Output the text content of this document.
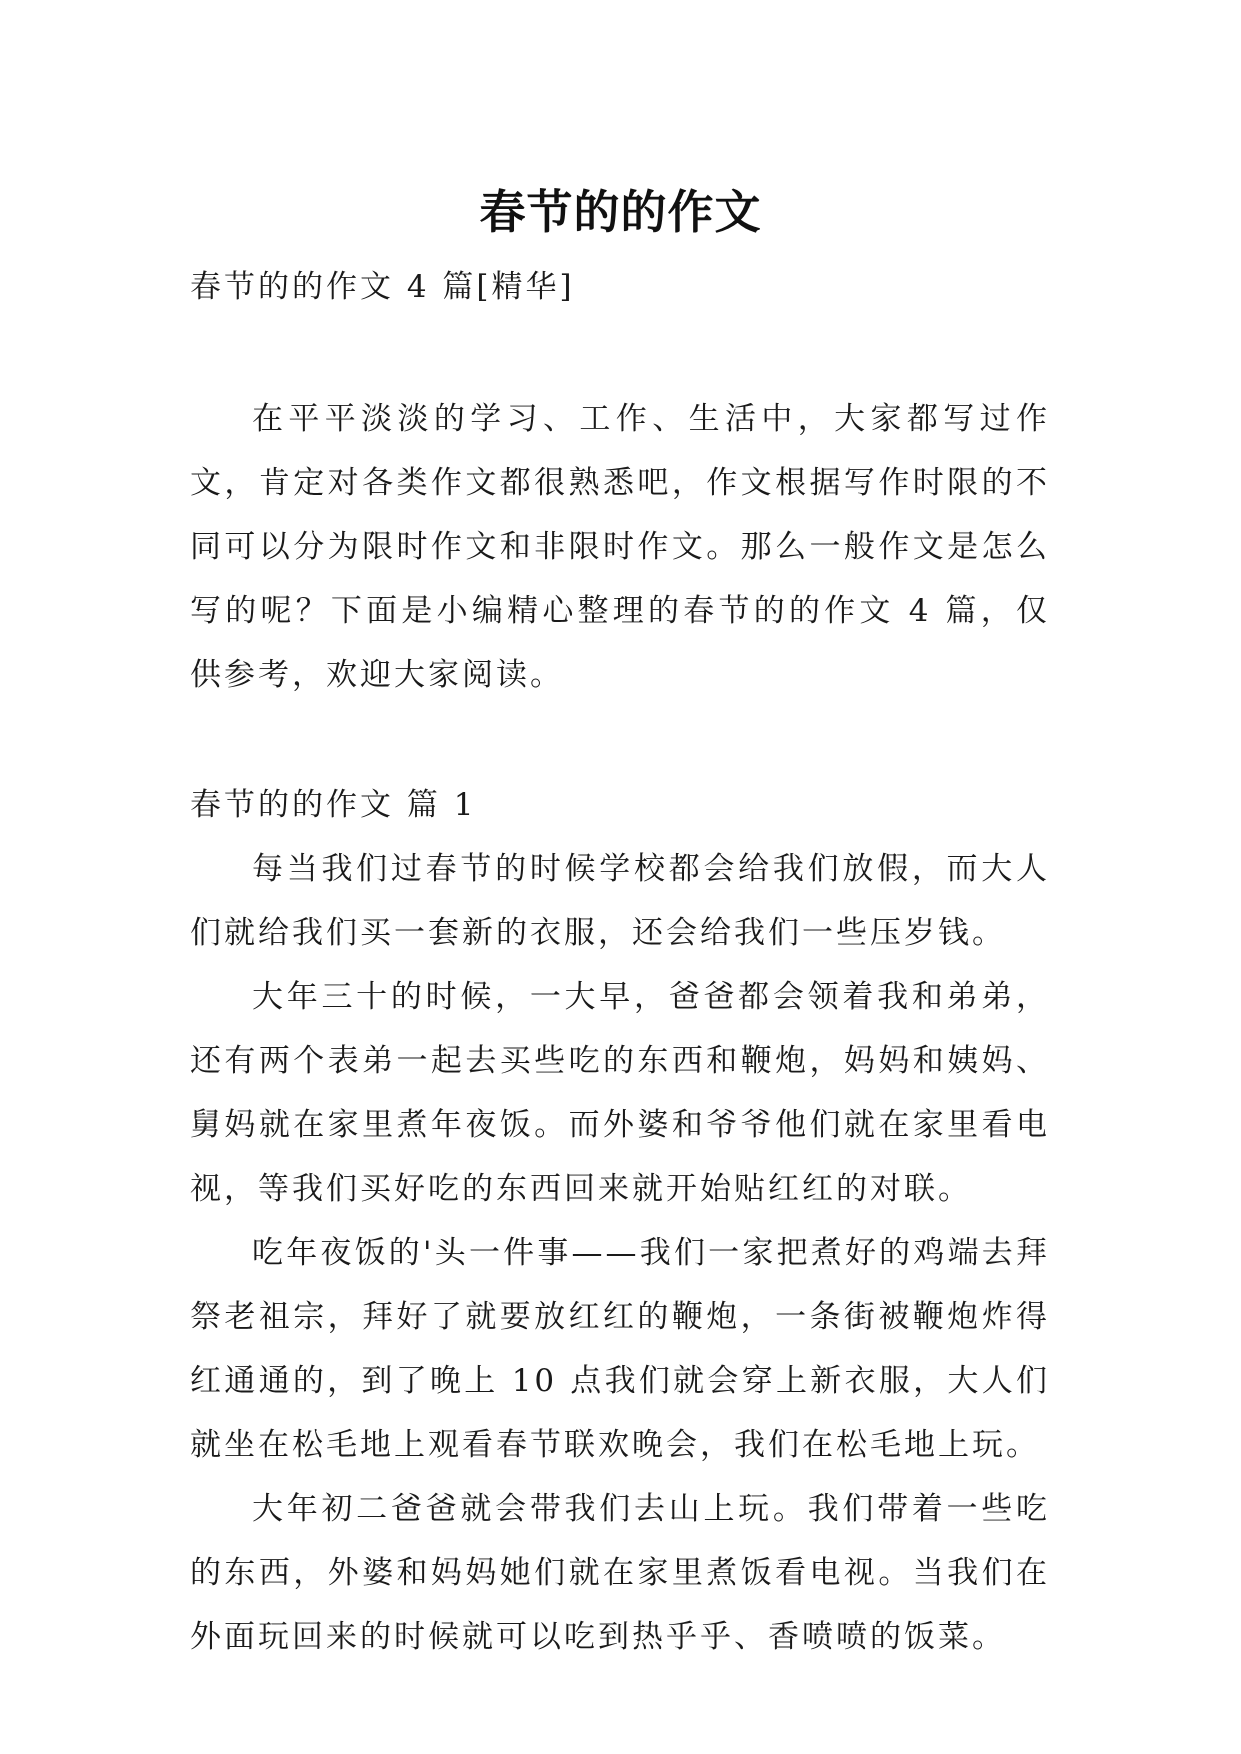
春节的的作文

春节的的作文 4 篇[精华]

在平平淡淡的学习、工作、生活中，大家都写过作文，肯定对各类作文都很熟悉吧，作文根据写作时限的不同可以分为限时作文和非限时作文。那么一般作文是怎么写的呢？下面是小编精心整理的春节的的作文 4 篇，仅供参考，欢迎大家阅读。

春节的的作文 篇 1

每当我们过春节的时候学校都会给我们放假，而大人们就给我们买一套新的衣服，还会给我们一些压岁钱。

大年三十的时候，一大早，爸爸都会领着我和弟弟，还有两个表弟一起去买些吃的东西和鞭炮，妈妈和姨妈、舅妈就在家里煮年夜饭。而外婆和爷爷他们就在家里看电视，等我们买好吃的东西回来就开始贴红红的对联。

吃年夜饭的'头一件事——我们一家把煮好的鸡端去拜祭老祖宗，拜好了就要放红红的鞭炮，一条街被鞭炮炸得红通通的，到了晚上 10 点我们就会穿上新衣服，大人们就坐在松毛地上观看春节联欢晚会，我们在松毛地上玩。

大年初二爸爸就会带我们去山上玩。我们带着一些吃的东西，外婆和妈妈她们就在家里煮饭看电视。当我们在外面玩回来的时候就可以吃到热乎乎、香喷喷的饭菜。
